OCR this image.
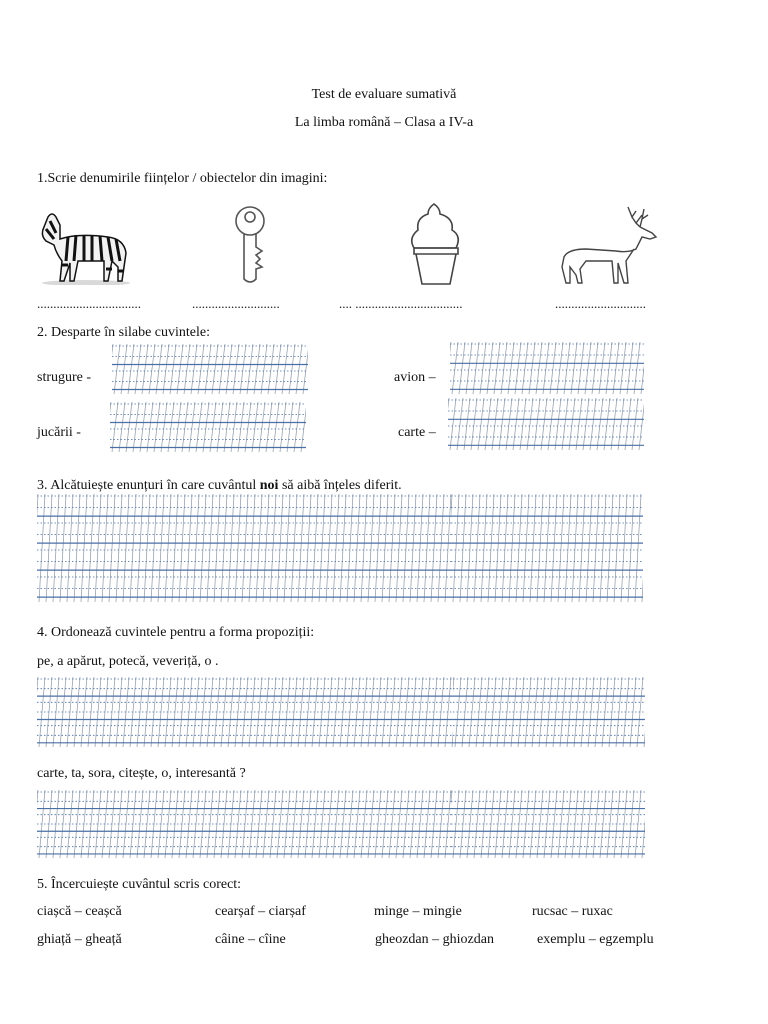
Test de evaluare sumativă
La limba română – Clasa a IV-a
1.Scrie denumirile ființelor / obiectelor din imagini:
................................	...........................	.... .................................	............................
2. Desparte în silabe cuvintele:
strugure -	avion –
jucării -	carte –
3. Alcătuiește enunțuri în care cuvântul noi să aibă înțeles diferit.
4. Ordonează cuvintele pentru a forma propoziții:
pe, a apărut, potecă, veveriță, o .
carte, ta, sora, citește, o, interesantă ?
5. Încercuiește cuvântul scris corect:
ciașcă – ceașcă	cearșaf – ciarșaf	minge – mingie	rucsac – ruxac
ghiață – gheață	câine – cîine	gheozdan – ghiozdan	exemplu – egzemplu
